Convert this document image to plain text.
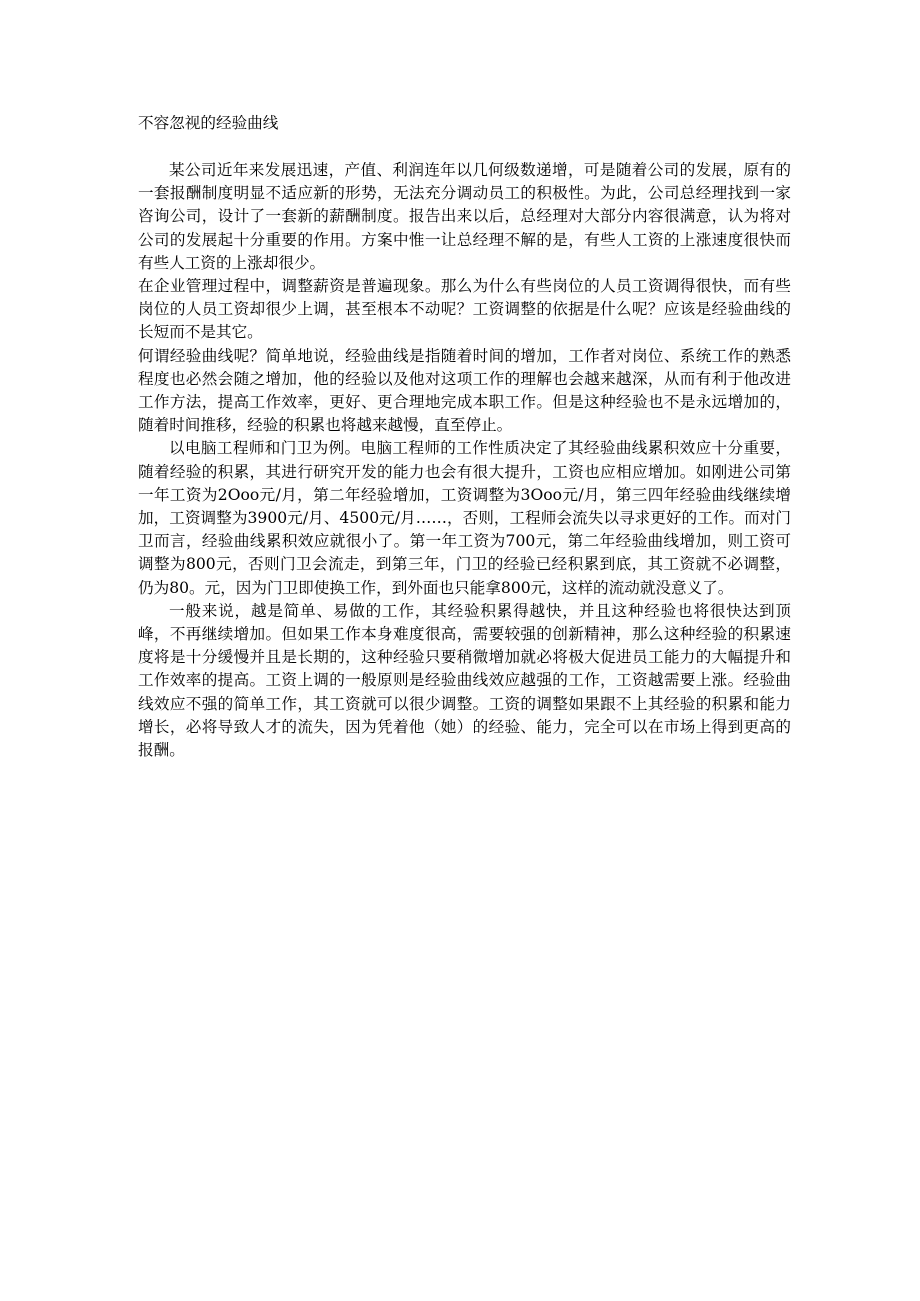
不容忽视的经验曲线

某公司近年来发展迅速，产值、利润连年以几何级数递增，可是随着公司的发展，原有的一套报酬制度明显不适应新的形势，无法充分调动员工的积极性。为此，公司总经理找到一家咨询公司，设计了一套新的薪酬制度。报告出来以后，总经理对大部分内容很满意，认为将对公司的发展起十分重要的作用。方案中惟一让总经理不解的是，有些人工资的上涨速度很快而有些人工资的上涨却很少。

在企业管理过程中，调整薪资是普遍现象。那么为什么有些岗位的人员工资调得很快，而有些岗位的人员工资却很少上调，甚至根本不动呢？工资调整的依据是什么呢？应该是经验曲线的长短而不是其它。

何谓经验曲线呢？简单地说，经验曲线是指随着时间的增加，工作者对岗位、系统工作的熟悉程度也必然会随之增加，他的经验以及他对这项工作的理解也会越来越深，从而有利于他改进工作方法，提高工作效率，更好、更合理地完成本职工作。但是这种经验也不是永远增加的，随着时间推移，经验的积累也将越来越慢，直至停止。

以电脑工程师和门卫为例。电脑工程师的工作性质决定了其经验曲线累积效应十分重要，随着经验的积累，其进行研究开发的能力也会有很大提升，工资也应相应增加。如刚进公司第一年工资为2Ooo元/月，第二年经验增加，工资调整为3Ooo元/月，第三四年经验曲线继续增加，工资调整为3900元/月、4500元/月……，否则，工程师会流失以寻求更好的工作。而对门卫而言，经验曲线累积效应就很小了。第一年工资为700元，第二年经验曲线增加，则工资可调整为800元，否则门卫会流走，到第三年，门卫的经验已经积累到底，其工资就不必调整，仍为80。元，因为门卫即使换工作，到外面也只能拿800元，这样的流动就没意义了。

一般来说，越是简单、易做的工作，其经验积累得越快，并且这种经验也将很快达到顶峰，不再继续增加。但如果工作本身难度很高，需要较强的创新精神，那么这种经验的积累速度将是十分缓慢并且是长期的，这种经验只要稍微增加就必将极大促进员工能力的大幅提升和工作效率的提高。工资上调的一般原则是经验曲线效应越强的工作，工资越需要上涨。经验曲线效应不强的简单工作，其工资就可以很少调整。工资的调整如果跟不上其经验的积累和能力增长，必将导致人才的流失，因为凭着他（她）的经验、能力，完全可以在市场上得到更高的报酬。
